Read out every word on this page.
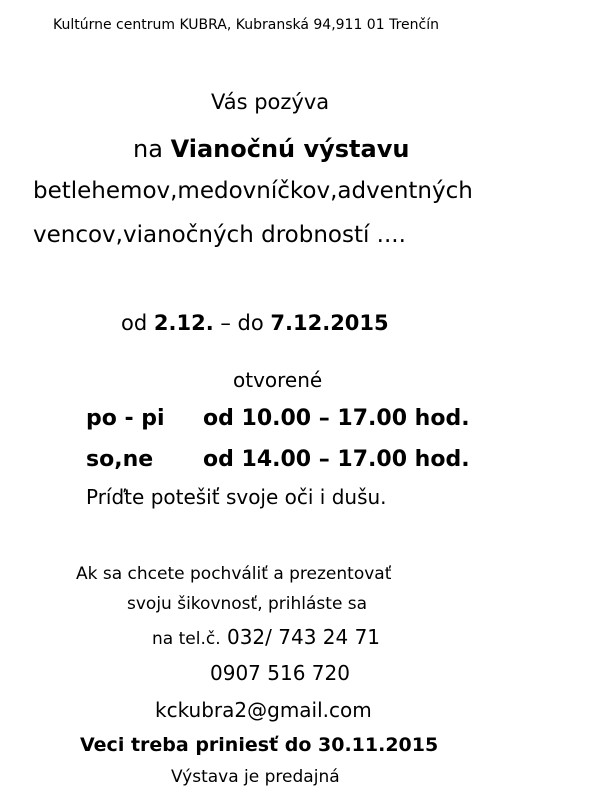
Kultúrne centrum KUBRA, Kubranská 94,911 01 Trenčín
Vás pozýva
na Vianočnú výstavu
betlehemov,medovníčkov,adventných
vencov,vianočných drobností ....
od 2.12. – do 7.12.2015
otvorené
po - pi od 10.00 – 17.00 hod.
so,ne od 14.00 – 17.00 hod.
Príďte potešiť svoje oči i dušu.
Ak sa chcete pochváliť a prezentovať
svoju šikovnosť, prihláste sa
na tel.č. 032/ 743 24 71
0907 516 720
kckubra2@gmail.com
Veci treba priniesť do 30.11.2015
Výstava je predajná
